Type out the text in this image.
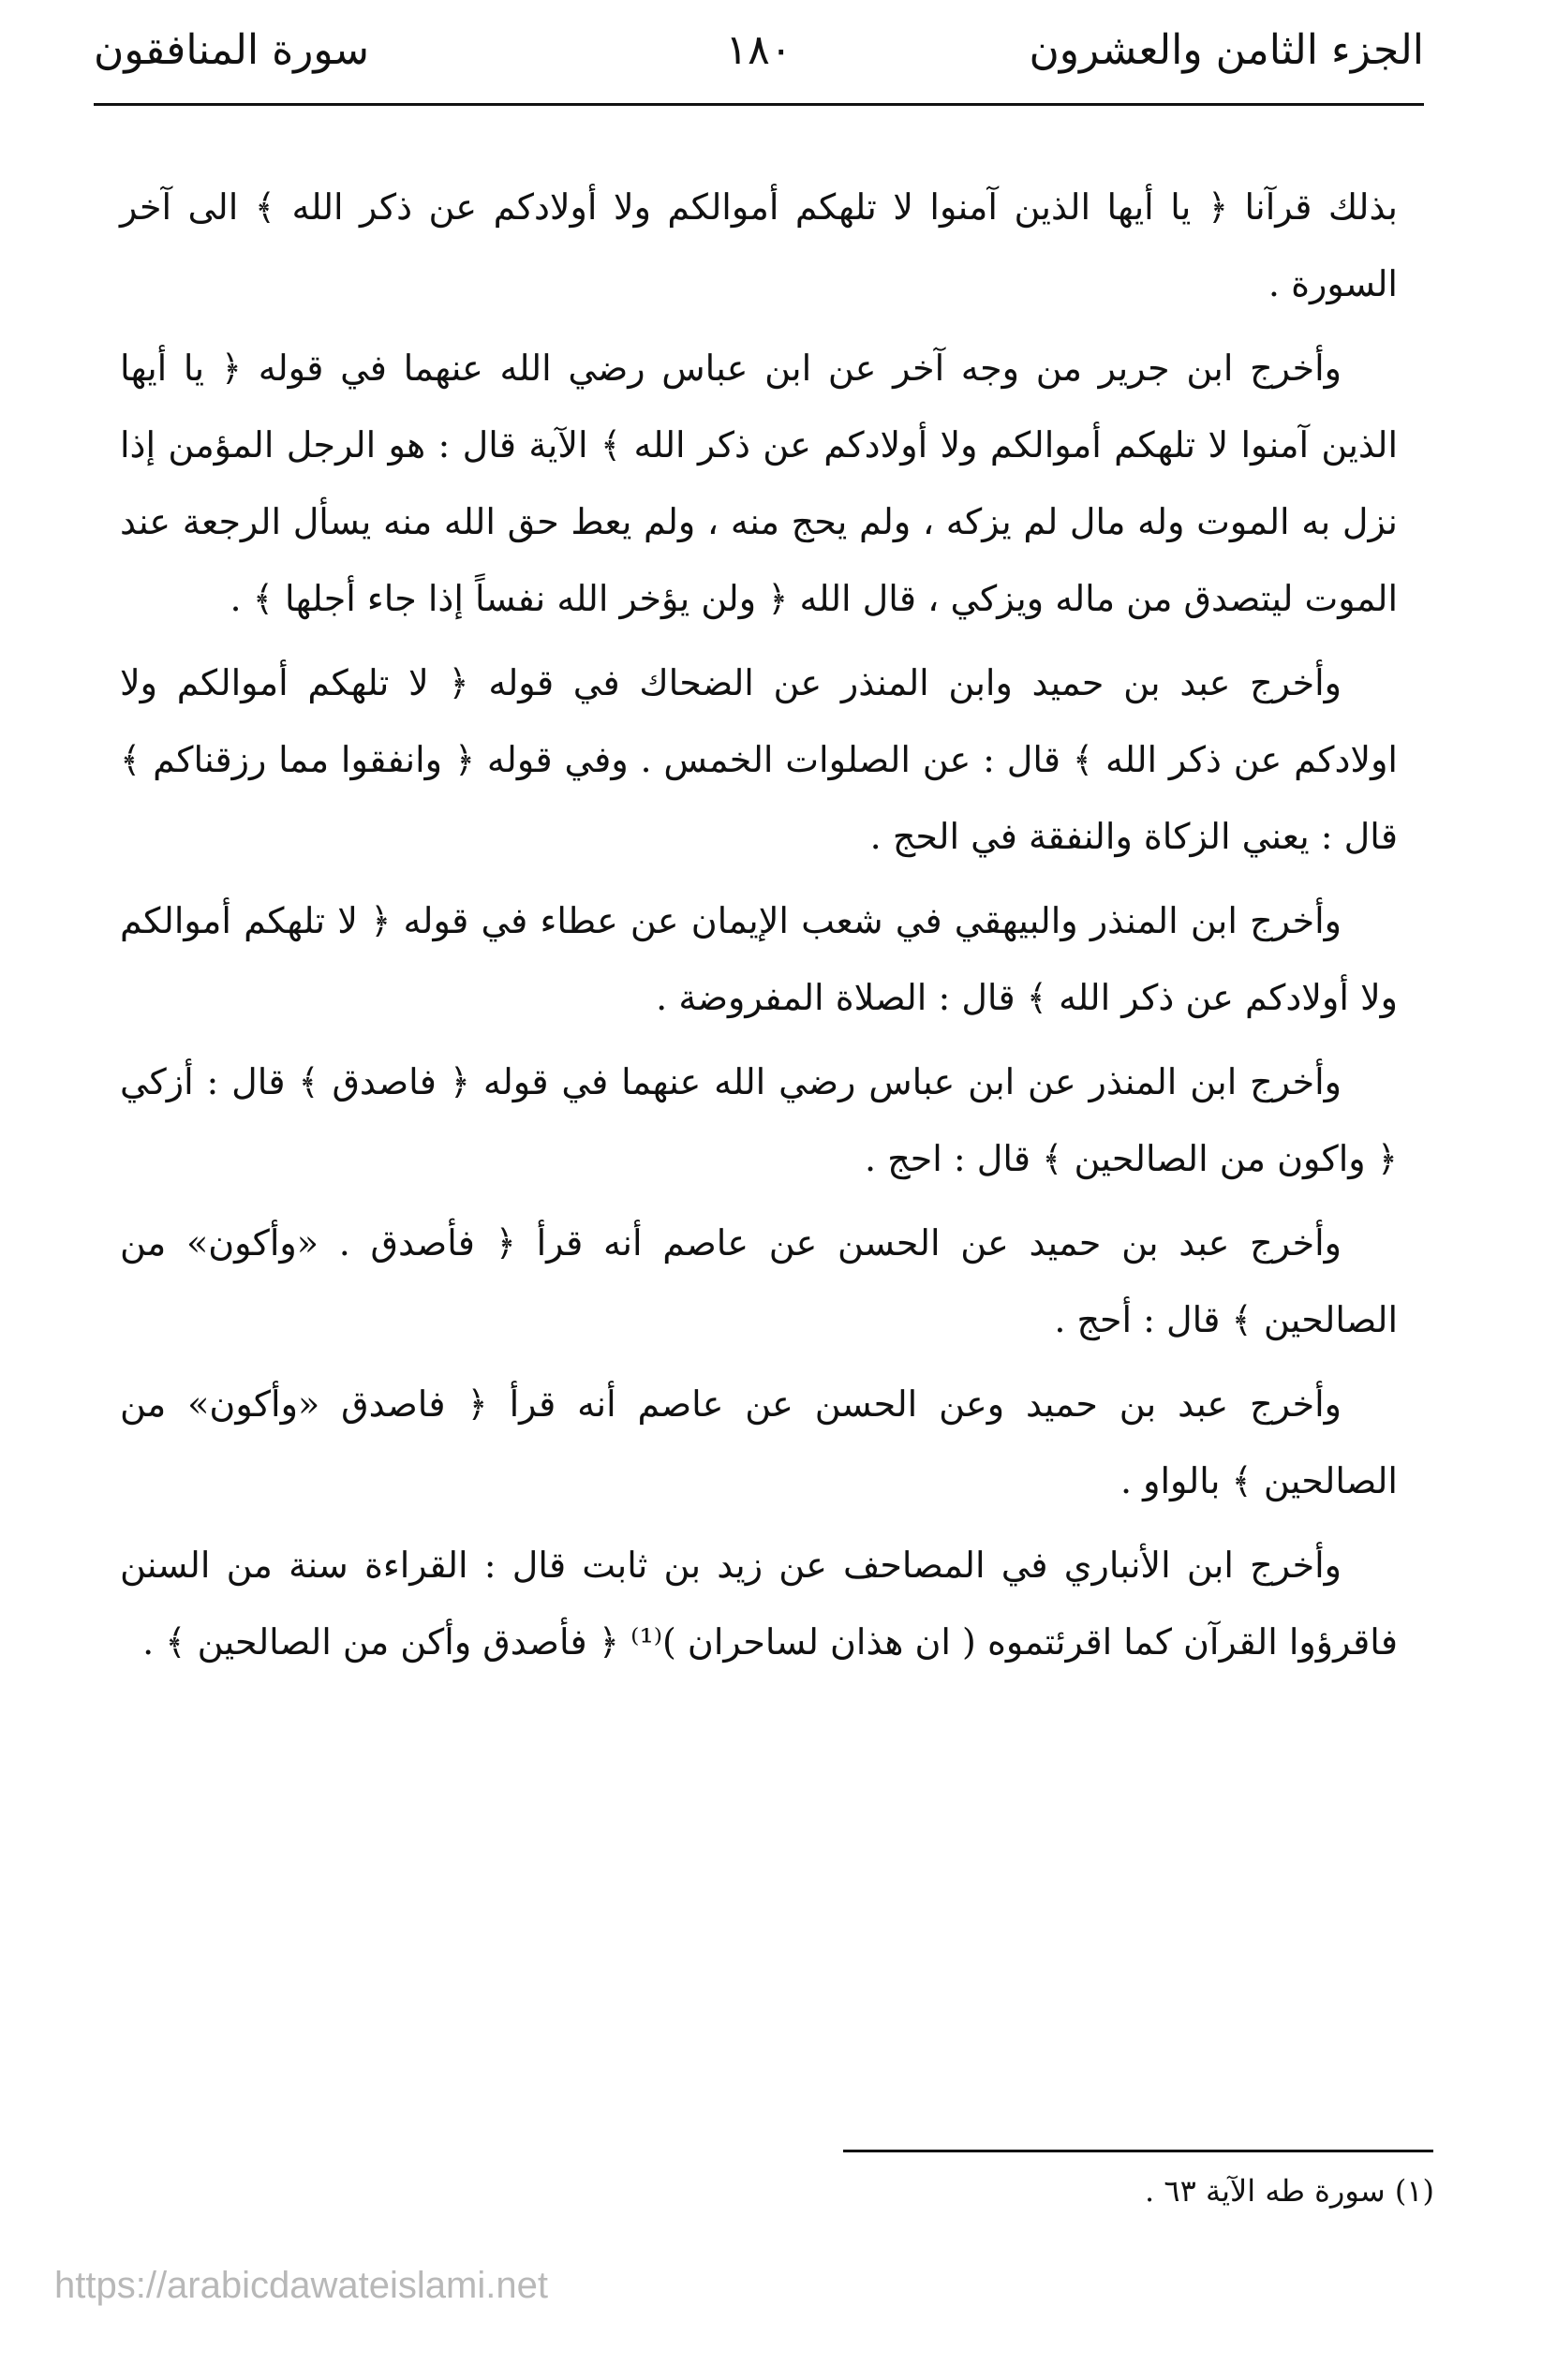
الجزء الثامن والعشرون
١٨٠
سورة المنافقون

بذلك قرآنا ﴿ يا أيها الذين آمنوا لا تلهكم أموالكم ولا أولادكم عن ذكر الله ﴾ الى آخر السورة .

وأخرج ابن جرير من وجه آخر عن ابن عباس رضي الله عنهما في قوله ﴿ يا أيها الذين آمنوا لا تلهكم أموالكم ولا أولادكم عن ذكر الله ﴾ الآية قال : هو الرجل المؤمن إذا نزل به الموت وله مال لم يزكه ، ولم يحج منه ، ولم يعط حق الله منه يسأل الرجعة عند الموت ليتصدق من ماله ويزكي ، قال الله ﴿ ولن يؤخر الله نفساً إذا جاء أجلها ﴾ .

وأخرج عبد بن حميد وابن المنذر عن الضحاك في قوله ﴿ لا تلهكم أموالكم ولا اولادكم عن ذكر الله ﴾ قال : عن الصلوات الخمس . وفي قوله ﴿ وانفقوا مما رزقناكم ﴾ قال : يعني الزكاة والنفقة في الحج .

وأخرج ابن المنذر والبيهقي في شعب الإيمان عن عطاء في قوله ﴿ لا تلهكم أموالكم ولا أولادكم عن ذكر الله ﴾ قال : الصلاة المفروضة .

وأخرج ابن المنذر عن ابن عباس رضي الله عنهما في قوله ﴿ فاصدق ﴾ قال : أزكي ﴿ واكون من الصالحين ﴾ قال : احج .

وأخرج عبد بن حميد عن الحسن عن عاصم أنه قرأ ﴿ فأصدق . «وأكون» من الصالحين ﴾ قال : أحج .

وأخرج عبد بن حميد وعن الحسن عن عاصم أنه قرأ ﴿ فاصدق «وأكون» من الصالحين ﴾ بالواو .

وأخرج ابن الأنباري في المصاحف عن زيد بن ثابت قال : القراءة سنة من السنن فاقرؤوا القرآن كما اقرئتموه ( ان هذان لساحران )⁽¹⁾ ﴿ فأصدق وأكن من الصالحين ﴾ .

(١) سورة طه الآية ٦٣ .
https://arabicdawateislami.net
